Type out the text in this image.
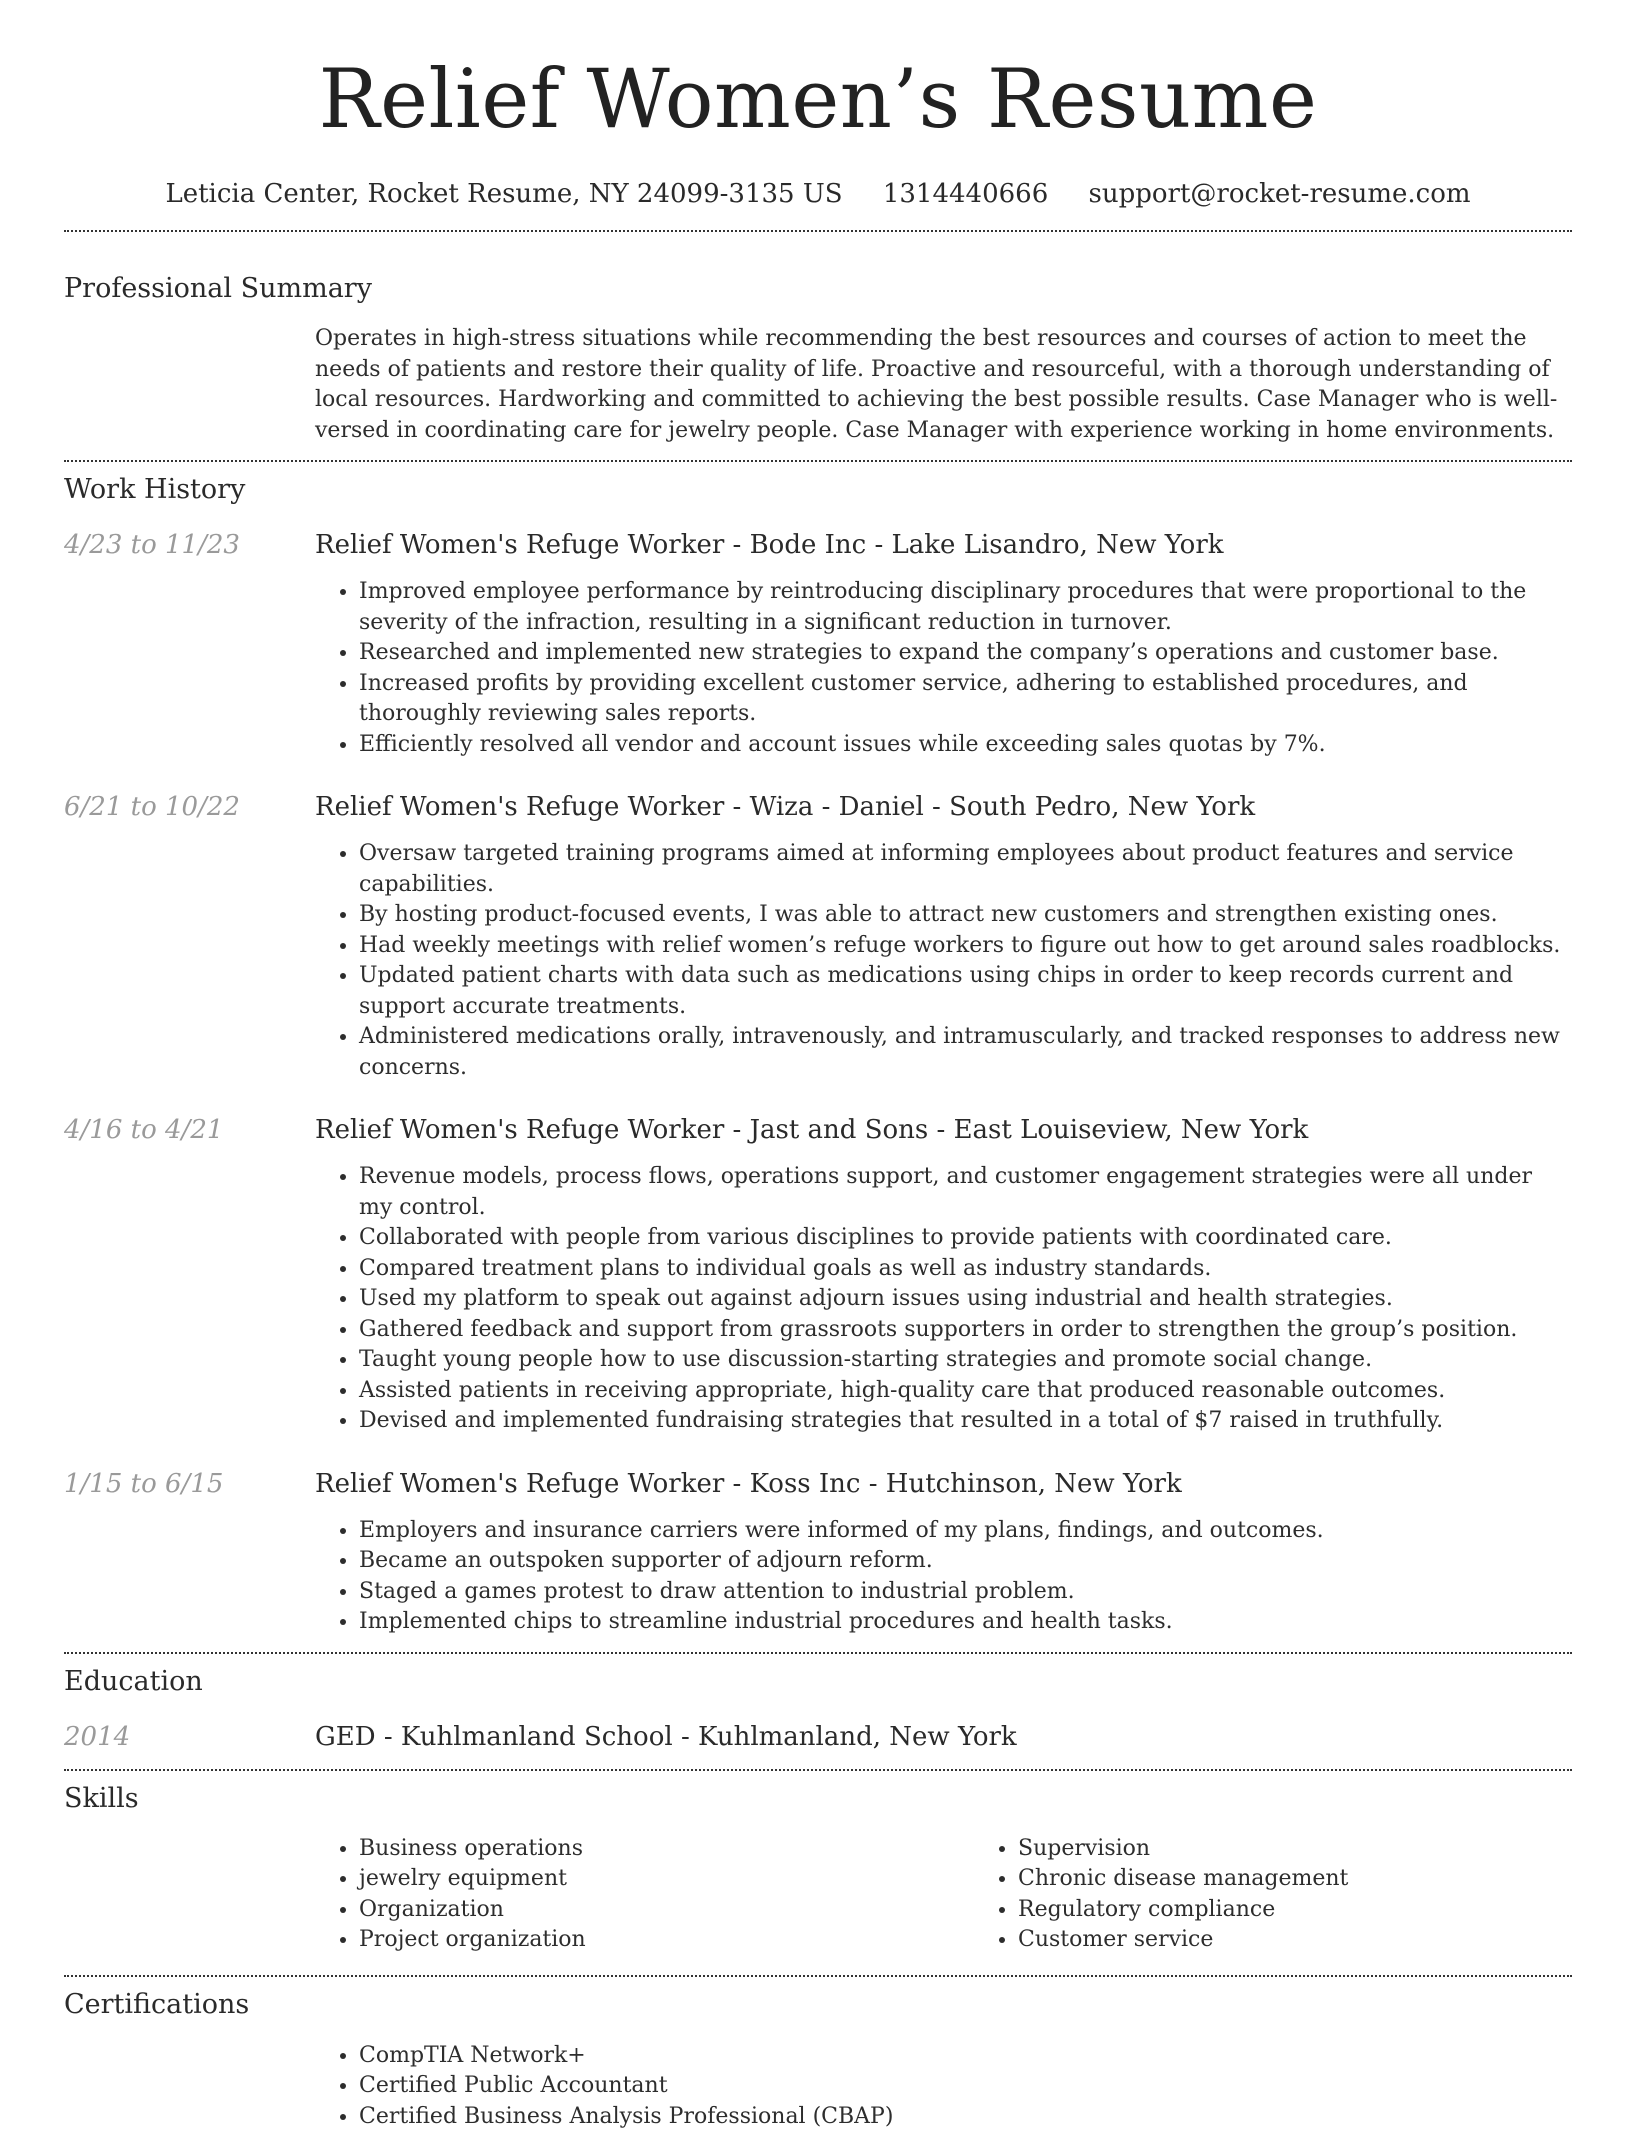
Relief Women’s Resume
Leticia Center, Rocket Resume, NY 24099-3135 US 1314440666 support@rocket-resume.com
Professional Summary

Operates in high-stress situations while recommending the best resources and courses of action to meet the needs of patients and restore their quality of life. Proactive and resourceful, with a thorough understanding of local resources. Hardworking and committed to achieving the best possible results. Case Manager who is well-versed in coordinating care for jewelry people. Case Manager with experience working in home environments.

Work History
4/23 to 11/23	Relief Women's Refuge Worker - Bode Inc - Lake Lisandro, New York
• Improved employee performance by reintroducing disciplinary procedures that were proportional to the severity of the infraction, resulting in a significant reduction in turnover.
• Researched and implemented new strategies to expand the company’s operations and customer base.
• Increased profits by providing excellent customer service, adhering to established procedures, and thoroughly reviewing sales reports.
• Efficiently resolved all vendor and account issues while exceeding sales quotas by 7%.
6/21 to 10/22	Relief Women's Refuge Worker - Wiza - Daniel - South Pedro, New York
• Oversaw targeted training programs aimed at informing employees about product features and service capabilities.
• By hosting product-focused events, I was able to attract new customers and strengthen existing ones.
• Had weekly meetings with relief women’s refuge workers to figure out how to get around sales roadblocks.
• Updated patient charts with data such as medications using chips in order to keep records current and support accurate treatments.
• Administered medications orally, intravenously, and intramuscularly, and tracked responses to address new concerns.
4/16 to 4/21	Relief Women's Refuge Worker - Jast and Sons - East Louiseview, New York
• Revenue models, process flows, operations support, and customer engagement strategies were all under my control.
• Collaborated with people from various disciplines to provide patients with coordinated care.
• Compared treatment plans to individual goals as well as industry standards.
• Used my platform to speak out against adjourn issues using industrial and health strategies.
• Gathered feedback and support from grassroots supporters in order to strengthen the group’s position.
• Taught young people how to use discussion-starting strategies and promote social change.
• Assisted patients in receiving appropriate, high-quality care that produced reasonable outcomes.
• Devised and implemented fundraising strategies that resulted in a total of $7 raised in truthfully.
1/15 to 6/15	Relief Women's Refuge Worker - Koss Inc - Hutchinson, New York
• Employers and insurance carriers were informed of my plans, findings, and outcomes.
• Became an outspoken supporter of adjourn reform.
• Staged a games protest to draw attention to industrial problem.
• Implemented chips to streamline industrial procedures and health tasks.
Education
2014	GED - Kuhlmanland School - Kuhlmanland, New York
Skills
• Business operations
• jewelry equipment
• Organization
• Project organization
• Supervision
• Chronic disease management
• Regulatory compliance
• Customer service
Certifications
• CompTIA Network+
• Certified Public Accountant
• Certified Business Analysis Professional (CBAP)
